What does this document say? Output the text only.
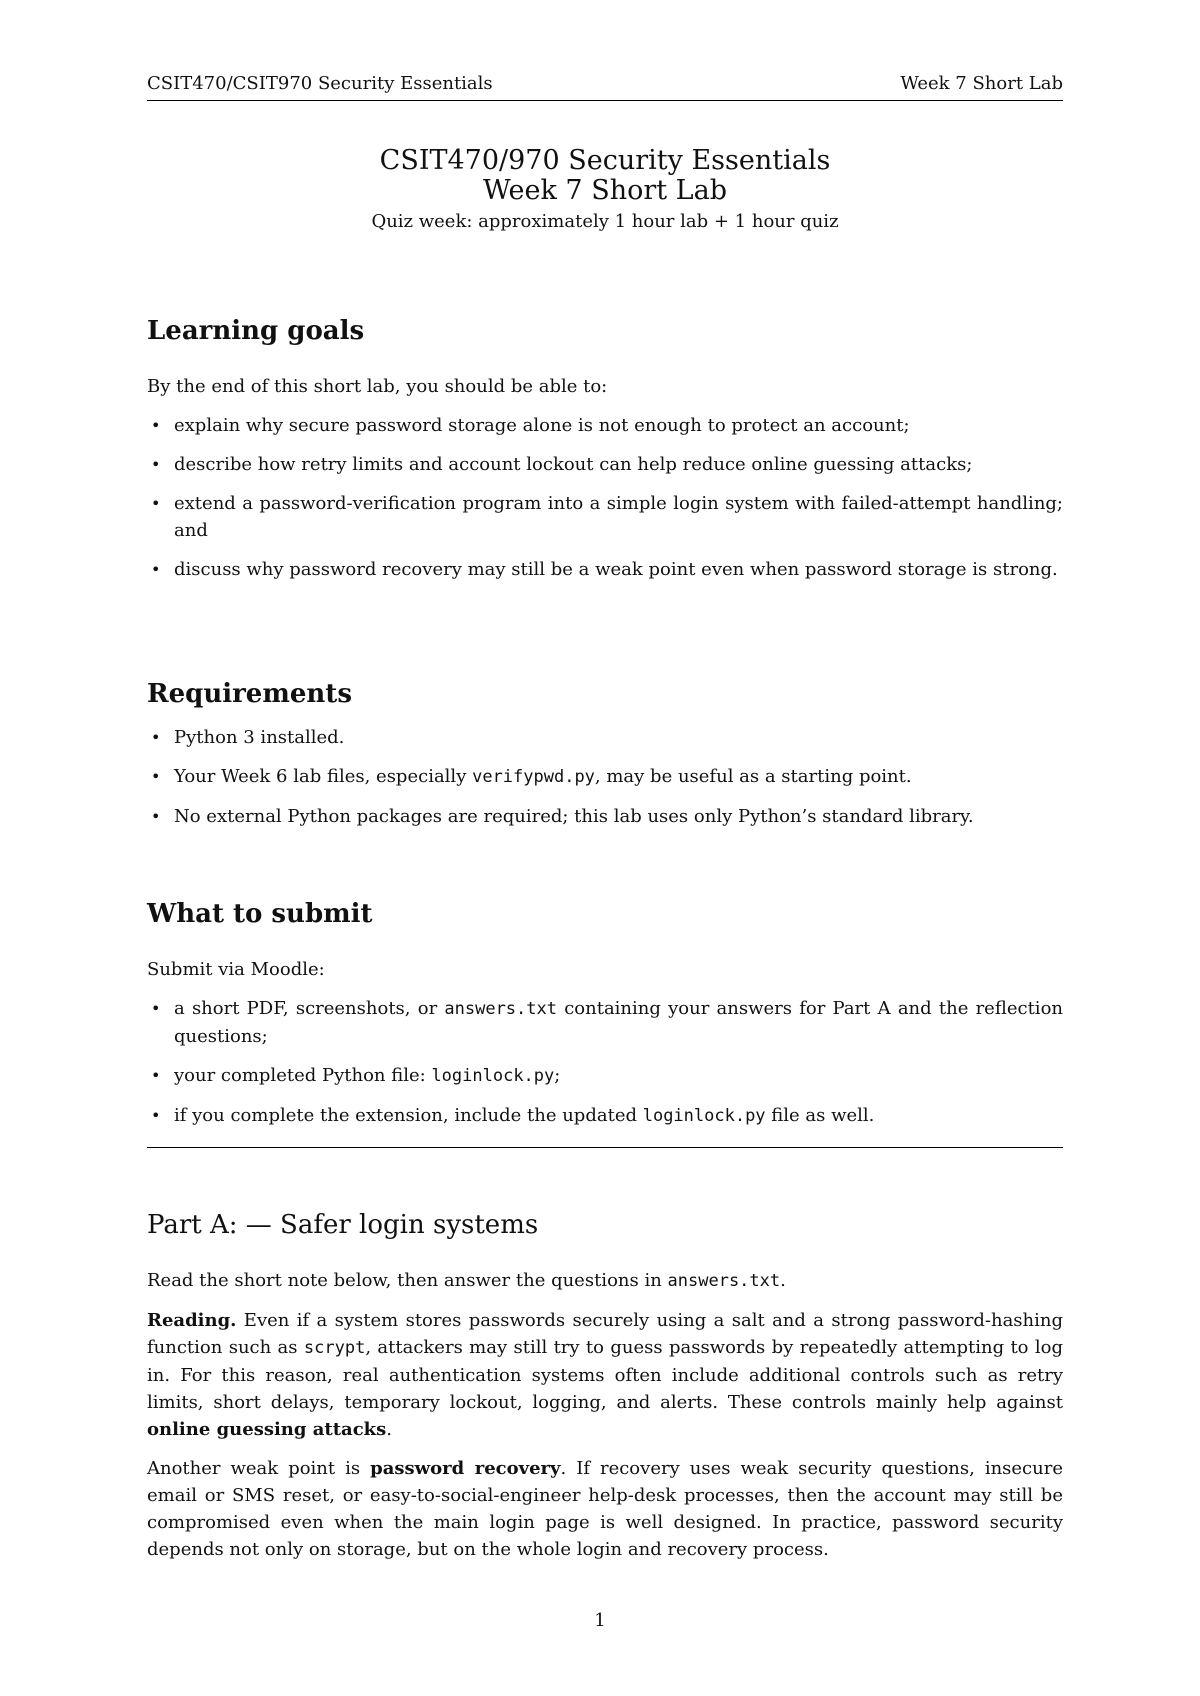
CSIT470/CSIT970 Security Essentials	Week 7 Short Lab
CSIT470/970 Security Essentials
Week 7 Short Lab
Quiz week: approximately 1 hour lab + 1 hour quiz
Learning goals

By the end of this short lab, you should be able to:

• explain why secure password storage alone is not enough to protect an account;
• describe how retry limits and account lockout can help reduce online guessing attacks;
• extend a password-verification program into a simple login system with failed-attempt handling; and
• discuss why password recovery may still be a weak point even when password storage is strong.
Requirements
• Python 3 installed.
• Your Week 6 lab files, especially verifypwd.py, may be useful as a starting point.
• No external Python packages are required; this lab uses only Python’s standard library.
What to submit

Submit via Moodle:

• a short PDF, screenshots, or answers.txt containing your answers for Part A and the reflection questions;
• your completed Python file: loginlock.py;
• if you complete the extension, include the updated loginlock.py file as well.
Part A: — Safer login systems

Read the short note below, then answer the questions in answers.txt.

Reading. Even if a system stores passwords securely using a salt and a strong password-hashing function such as scrypt, attackers may still try to guess passwords by repeatedly attempting to log in. For this reason, real authentication systems often include additional controls such as retry limits, short delays, temporary lockout, logging, and alerts. These controls mainly help against online guessing attacks.

Another weak point is password recovery. If recovery uses weak security questions, insecure email or SMS reset, or easy-to-social-engineer help-desk processes, then the account may still be compromised even when the main login page is well designed. In practice, password security depends not only on storage, but on the whole login and recovery process.

1
